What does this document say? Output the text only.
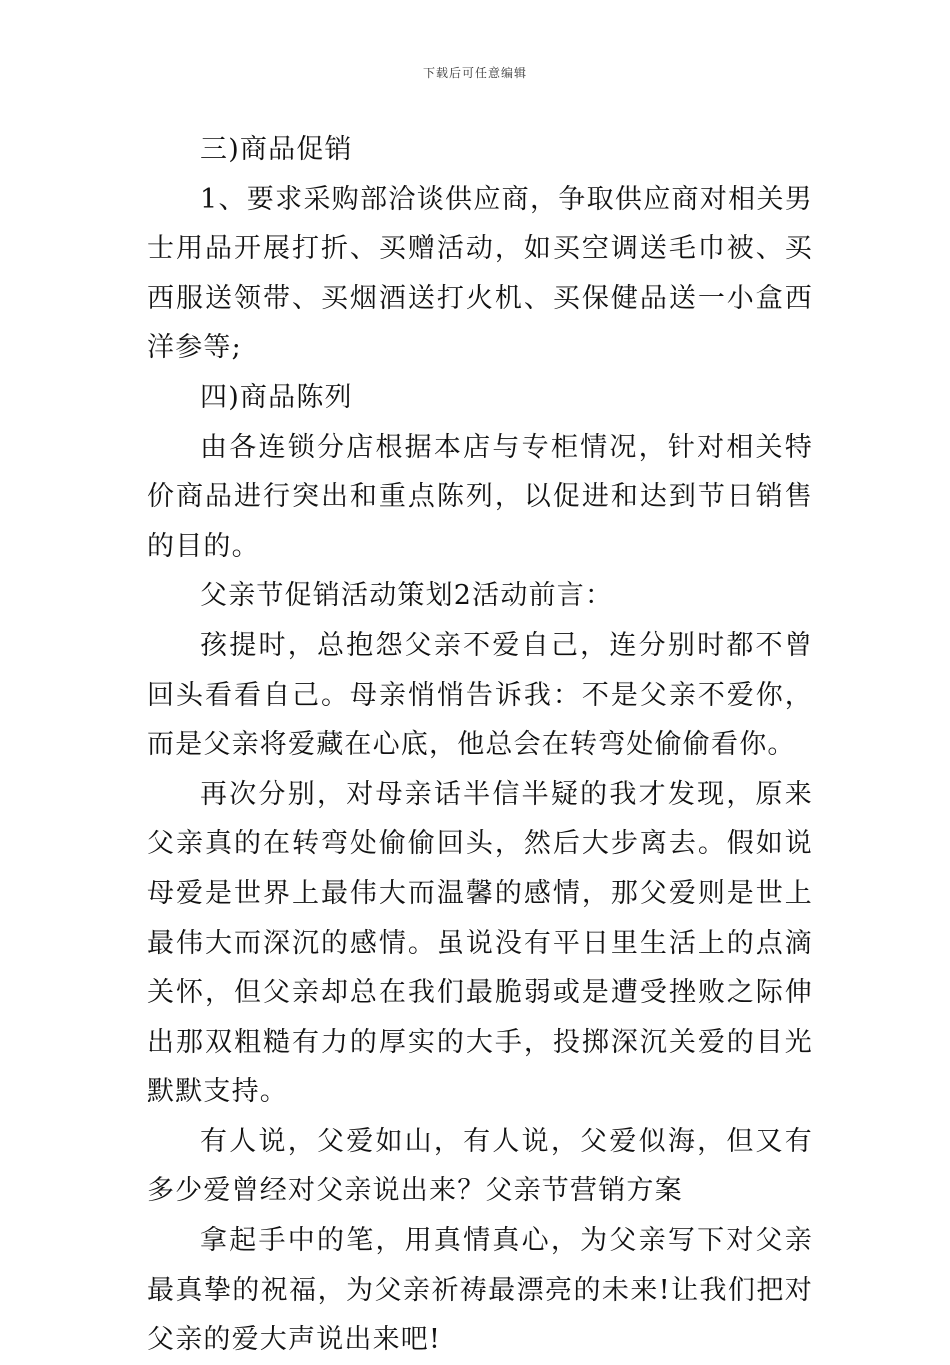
下载后可任意编辑

三)商品促销

1、要求采购部洽谈供应商，争取供应商对相关男士用品开展打折、买赠活动，如买空调送毛巾被、买西服送领带、买烟酒送打火机、买保健品送一小盒西洋参等;

四)商品陈列

由各连锁分店根据本店与专柜情况，针对相关特价商品进行突出和重点陈列，以促进和达到节日销售的目的。

父亲节促销活动策划2活动前言：

孩提时，总抱怨父亲不爱自己，连分别时都不曾回头看看自己。母亲悄悄告诉我：不是父亲不爱你，而是父亲将爱藏在心底，他总会在转弯处偷偷看你。

再次分别，对母亲话半信半疑的我才发现，原来父亲真的在转弯处偷偷回头，然后大步离去。假如说母爱是世界上最伟大而温馨的感情，那父爱则是世上最伟大而深沉的感情。虽说没有平日里生活上的点滴关怀，但父亲却总在我们最脆弱或是遭受挫败之际伸出那双粗糙有力的厚实的大手，投掷深沉关爱的目光默默支持。

有人说，父爱如山，有人说，父爱似海，但又有多少爱曾经对父亲说出来？父亲节营销方案

拿起手中的笔，用真情真心，为父亲写下对父亲最真挚的祝福，为父亲祈祷最漂亮的未来!让我们把对父亲的爱大声说出来吧!
